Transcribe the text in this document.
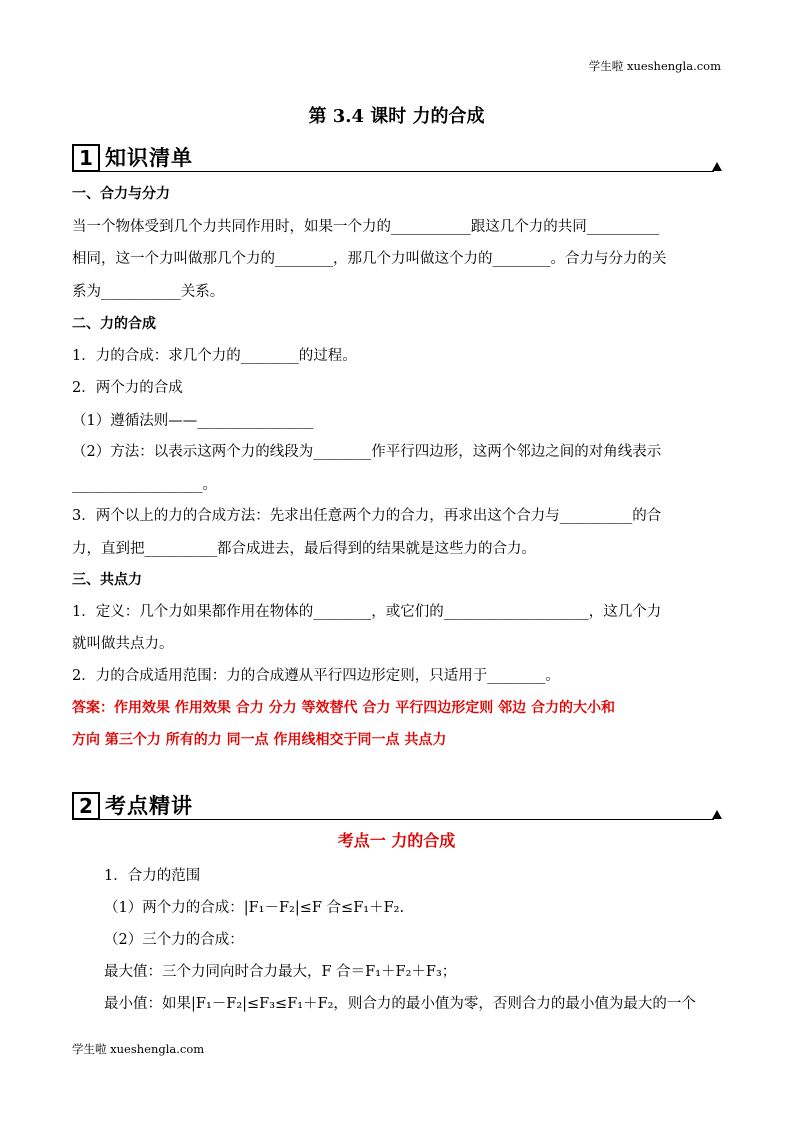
学生啦 xueshengla.com
第 3.4 课时 力的合成
1 知识清单
一、合力与分力
当一个物体受到几个力共同作用时，如果一个力的___________跟这几个力的共同__________
相同，这一个力叫做那几个力的________，那几个力叫做这个力的________。合力与分力的关
系为___________关系。
二、力的合成
1．力的合成：求几个力的________的过程。
2．两个力的合成
（1）遵循法则——________________
（2）方法：以表示这两个力的线段为________作平行四边形，这两个邻边之间的对角线表示
__________________。
3．两个以上的力的合成方法：先求出任意两个力的合力，再求出这个合力与__________的合
力，直到把__________都合成进去，最后得到的结果就是这些力的合力。
三、共点力
1．定义：几个力如果都作用在物体的________，或它们的____________________，这几个力
就叫做共点力。
2．力的合成适用范围：力的合成遵从平行四边形定则，只适用于________。
答案：作用效果 作用效果 合力 分力 等效替代 合力 平行四边形定则 邻边 合力的大小和
方向 第三个力 所有的力 同一点 作用线相交于同一点 共点力
2 考点精讲
考点一 力的合成
1．合力的范围
（1）两个力的合成：|F₁－F₂|≤F 合≤F₁＋F₂.
（2）三个力的合成：
最大值：三个力同向时合力最大，F 合＝F₁＋F₂＋F₃；
最小值：如果|F₁－F₂|≤F₃≤F₁＋F₂，则合力的最小值为零，否则合力的最小值为最大的一个
学生啦 xueshengla.com
